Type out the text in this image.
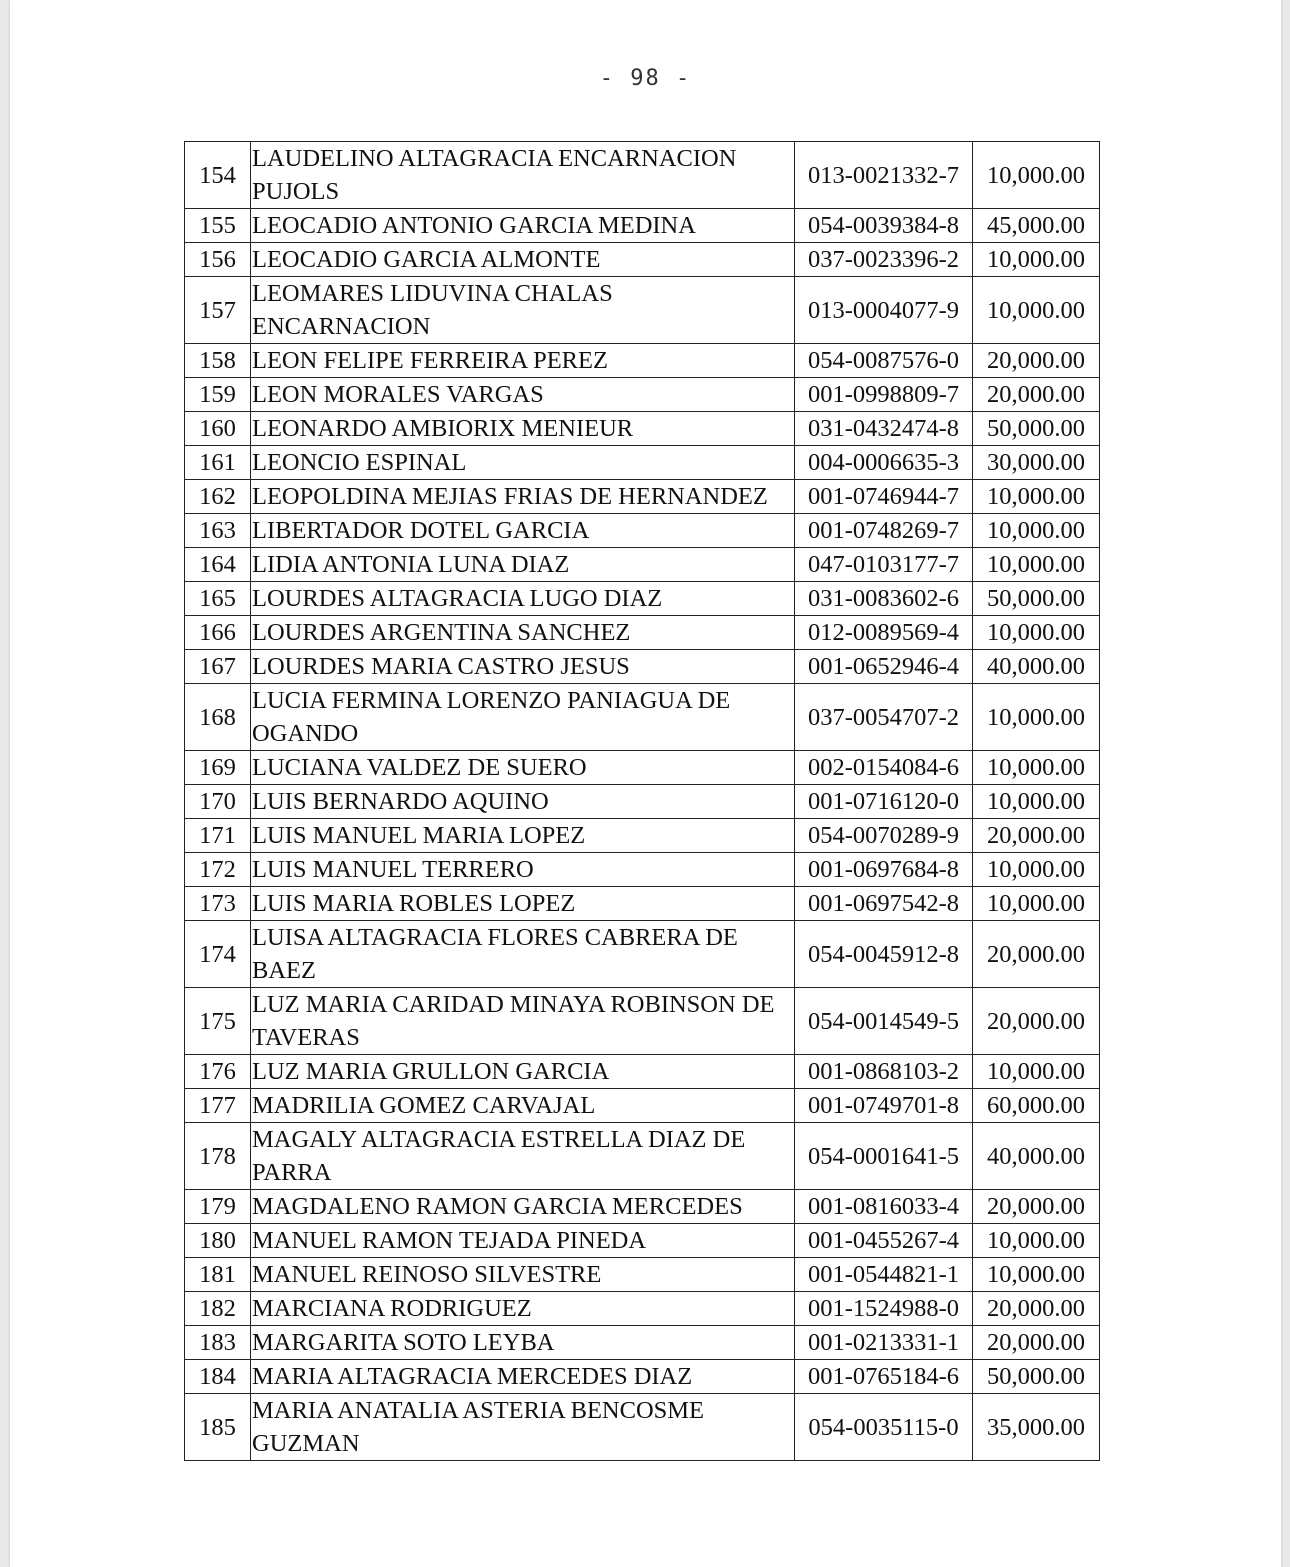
- 98 -
154	LAUDELINO ALTAGRACIA ENCARNACION PUJOLS	013-0021332-7	10,000.00
155	LEOCADIO ANTONIO GARCIA MEDINA	054-0039384-8	45,000.00
156	LEOCADIO GARCIA ALMONTE	037-0023396-2	10,000.00
157	LEOMARES LIDUVINA CHALAS ENCARNACION	013-0004077-9	10,000.00
158	LEON FELIPE FERREIRA PEREZ	054-0087576-0	20,000.00
159	LEON MORALES VARGAS	001-0998809-7	20,000.00
160	LEONARDO AMBIORIX MENIEUR	031-0432474-8	50,000.00
161	LEONCIO ESPINAL	004-0006635-3	30,000.00
162	LEOPOLDINA MEJIAS FRIAS DE HERNANDEZ	001-0746944-7	10,000.00
163	LIBERTADOR DOTEL GARCIA	001-0748269-7	10,000.00
164	LIDIA ANTONIA LUNA DIAZ	047-0103177-7	10,000.00
165	LOURDES ALTAGRACIA LUGO DIAZ	031-0083602-6	50,000.00
166	LOURDES ARGENTINA SANCHEZ	012-0089569-4	10,000.00
167	LOURDES MARIA CASTRO JESUS	001-0652946-4	40,000.00
168	LUCIA FERMINA LORENZO PANIAGUA DE OGANDO	037-0054707-2	10,000.00
169	LUCIANA VALDEZ DE SUERO	002-0154084-6	10,000.00
170	LUIS BERNARDO AQUINO	001-0716120-0	10,000.00
171	LUIS MANUEL MARIA LOPEZ	054-0070289-9	20,000.00
172	LUIS MANUEL TERRERO	001-0697684-8	10,000.00
173	LUIS MARIA ROBLES LOPEZ	001-0697542-8	10,000.00
174	LUISA ALTAGRACIA FLORES CABRERA DE BAEZ	054-0045912-8	20,000.00
175	LUZ MARIA CARIDAD MINAYA ROBINSON DE TAVERAS	054-0014549-5	20,000.00
176	LUZ MARIA GRULLON GARCIA	001-0868103-2	10,000.00
177	MADRILIA GOMEZ CARVAJAL	001-0749701-8	60,000.00
178	MAGALY ALTAGRACIA ESTRELLA DIAZ DE PARRA	054-0001641-5	40,000.00
179	MAGDALENO RAMON GARCIA MERCEDES	001-0816033-4	20,000.00
180	MANUEL RAMON TEJADA PINEDA	001-0455267-4	10,000.00
181	MANUEL REINOSO SILVESTRE	001-0544821-1	10,000.00
182	MARCIANA RODRIGUEZ	001-1524988-0	20,000.00
183	MARGARITA SOTO LEYBA	001-0213331-1	20,000.00
184	MARIA ALTAGRACIA MERCEDES DIAZ	001-0765184-6	50,000.00
185	MARIA ANATALIA ASTERIA BENCOSME GUZMAN	054-0035115-0	35,000.00
